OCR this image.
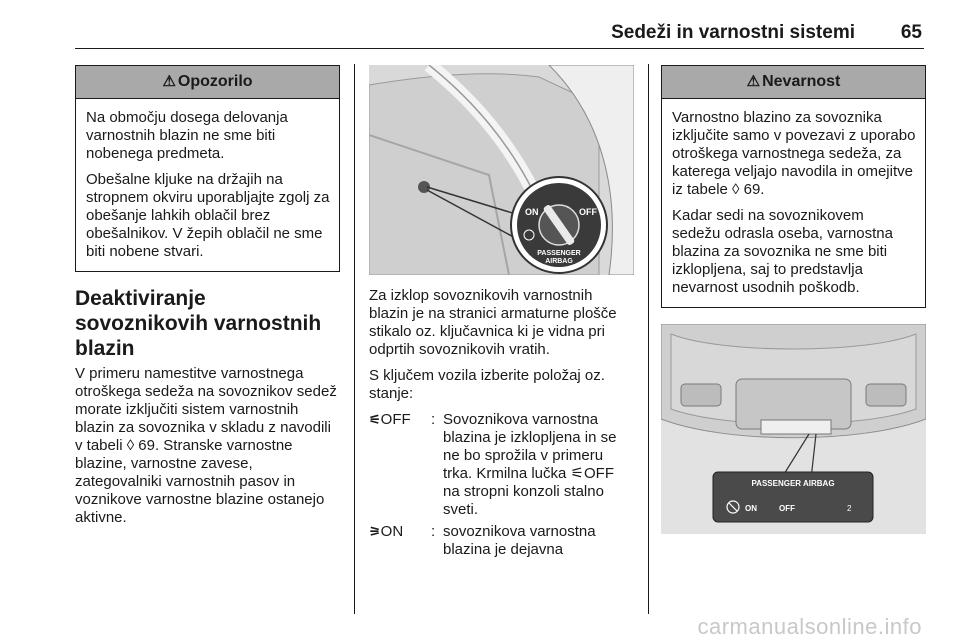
Sedeži in varnostni sistemi 65
⚠ Opozorilo

Na območju dosega delovanja varnostnih blazin ne sme biti nobenega predmeta.

Obešalne kljuke na držajih na stropnem okviru uporabljajte zgolj za obešanje lahkih oblačil brez obešalnikov. V žepih oblačil ne sme biti nobene stvari.

Deaktiviranje sovoznikovih varnostnih blazin

V primeru namestitve varnostnega otroškega sedeža na sovoznikov sedež morate izključiti sistem varnostnih blazin za sovoznika v skladu z navodili v tabeli ◊ 69. Stranske varnostne blazine, varnostne zavese, zategovalniki varnostnih pasov in voznikove varnostne blazine ostanejo aktivne.

ON	OFF
PASSENGER
AIRBAG

Za izklop sovoznikovih varnostnih blazin je na stranici armaturne plošče stikalo oz. ključavnica ki je vidna pri odprtih sovoznikovih vratih.

S ključem vozila izberite položaj oz. stanje:

⚟OFF	: Sovoznikova varnostna blazina je izklopljena in se ne bo sprožila v primeru trka. Krmilna lučka ⚟OFF na stropni konzoli stalno sveti.
⚞ON	: sovoznikova varnostna blazina je dejavna
⚠ Nevarnost

Varnostno blazino za sovoznika izključite samo v povezavi z uporabo otroškega varnostnega sedeža, za katerega veljajo navodila in omejitve iz tabele ◊ 69.

Kadar sedi na sovoznikovem sedežu odrasla oseba, varnostna blazina za sovoznika ne sme biti izklopljena, saj to predstavlja nevarnost usodnih poškodb.

PASSENGER AIRBAG
ON	OFF	2
carmanualsonline.info
